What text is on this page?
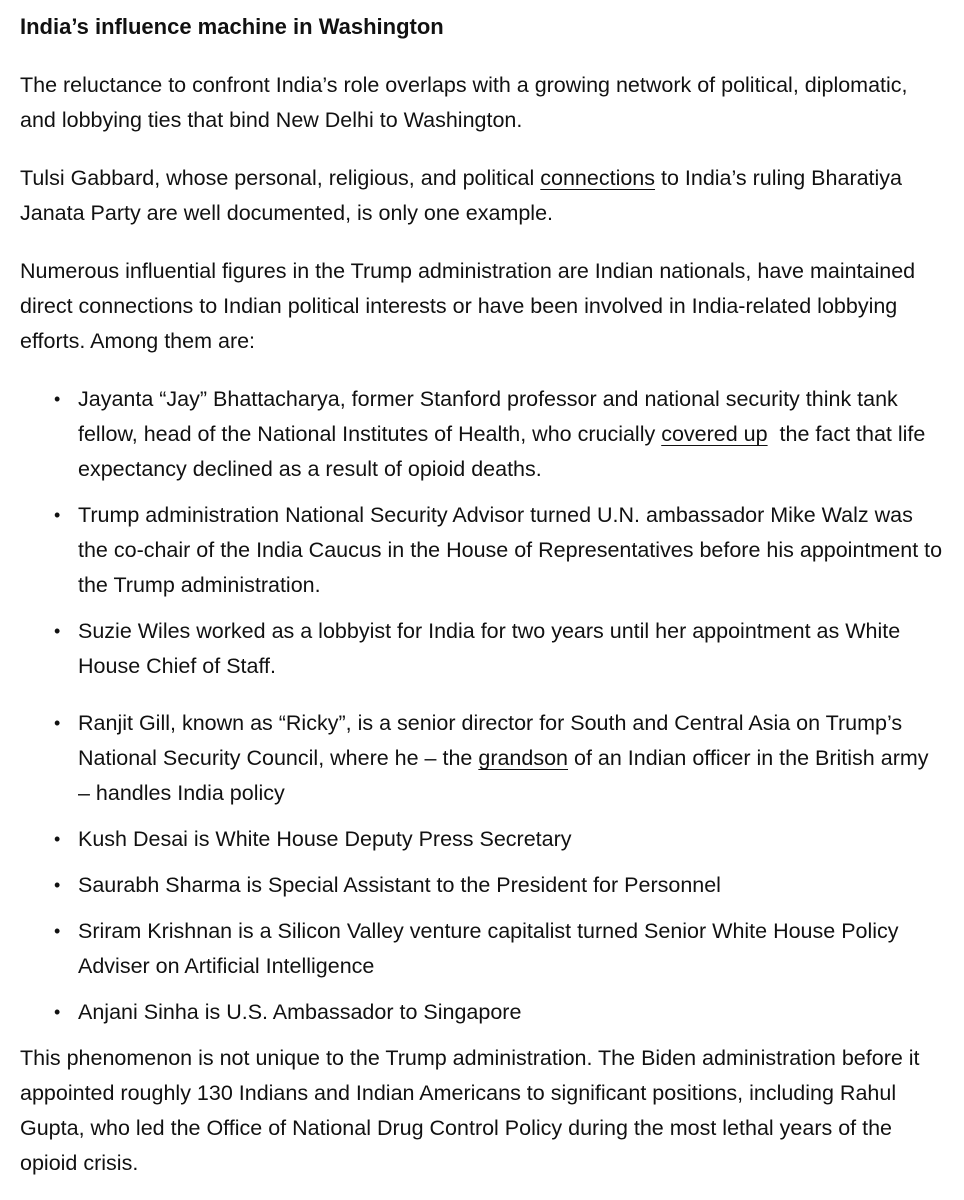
India’s influence machine in Washington

The reluctance to confront India’s role overlaps with a growing network of political, diplomatic, and lobbying ties that bind New Delhi to Washington.

Tulsi Gabbard, whose personal, religious, and political connections to India’s ruling Bharatiya Janata Party are well documented, is only one example.

Numerous influential figures in the Trump administration are Indian nationals, have maintained direct connections to Indian political interests or have been involved in India-related lobbying efforts. Among them are:

• Jayanta “Jay” Bhattacharya, former Stanford professor and national security think tank fellow, head of the National Institutes of Health, who crucially covered up  the fact that life expectancy declined as a result of opioid deaths.
• Trump administration National Security Advisor turned U.N. ambassador Mike Walz was the co-chair of the India Caucus in the House of Representatives before his appointment to the Trump administration.
• Suzie Wiles worked as a lobbyist for India for two years until her appointment as White House Chief of Staff.
• Ranjit Gill, known as “Ricky”, is a senior director for South and Central Asia on Trump’s National Security Council, where he – the grandson of an Indian officer in the British army – handles India policy
• Kush Desai is White House Deputy Press Secretary
• Saurabh Sharma is Special Assistant to the President for Personnel
• Sriram Krishnan is a Silicon Valley venture capitalist turned Senior White House Policy Adviser on Artificial Intelligence
• Anjani Sinha is U.S. Ambassador to Singapore

This phenomenon is not unique to the Trump administration. The Biden administration before it appointed roughly 130 Indians and Indian Americans to significant positions, including Rahul Gupta, who led the Office of National Drug Control Policy during the most lethal years of the opioid crisis.
